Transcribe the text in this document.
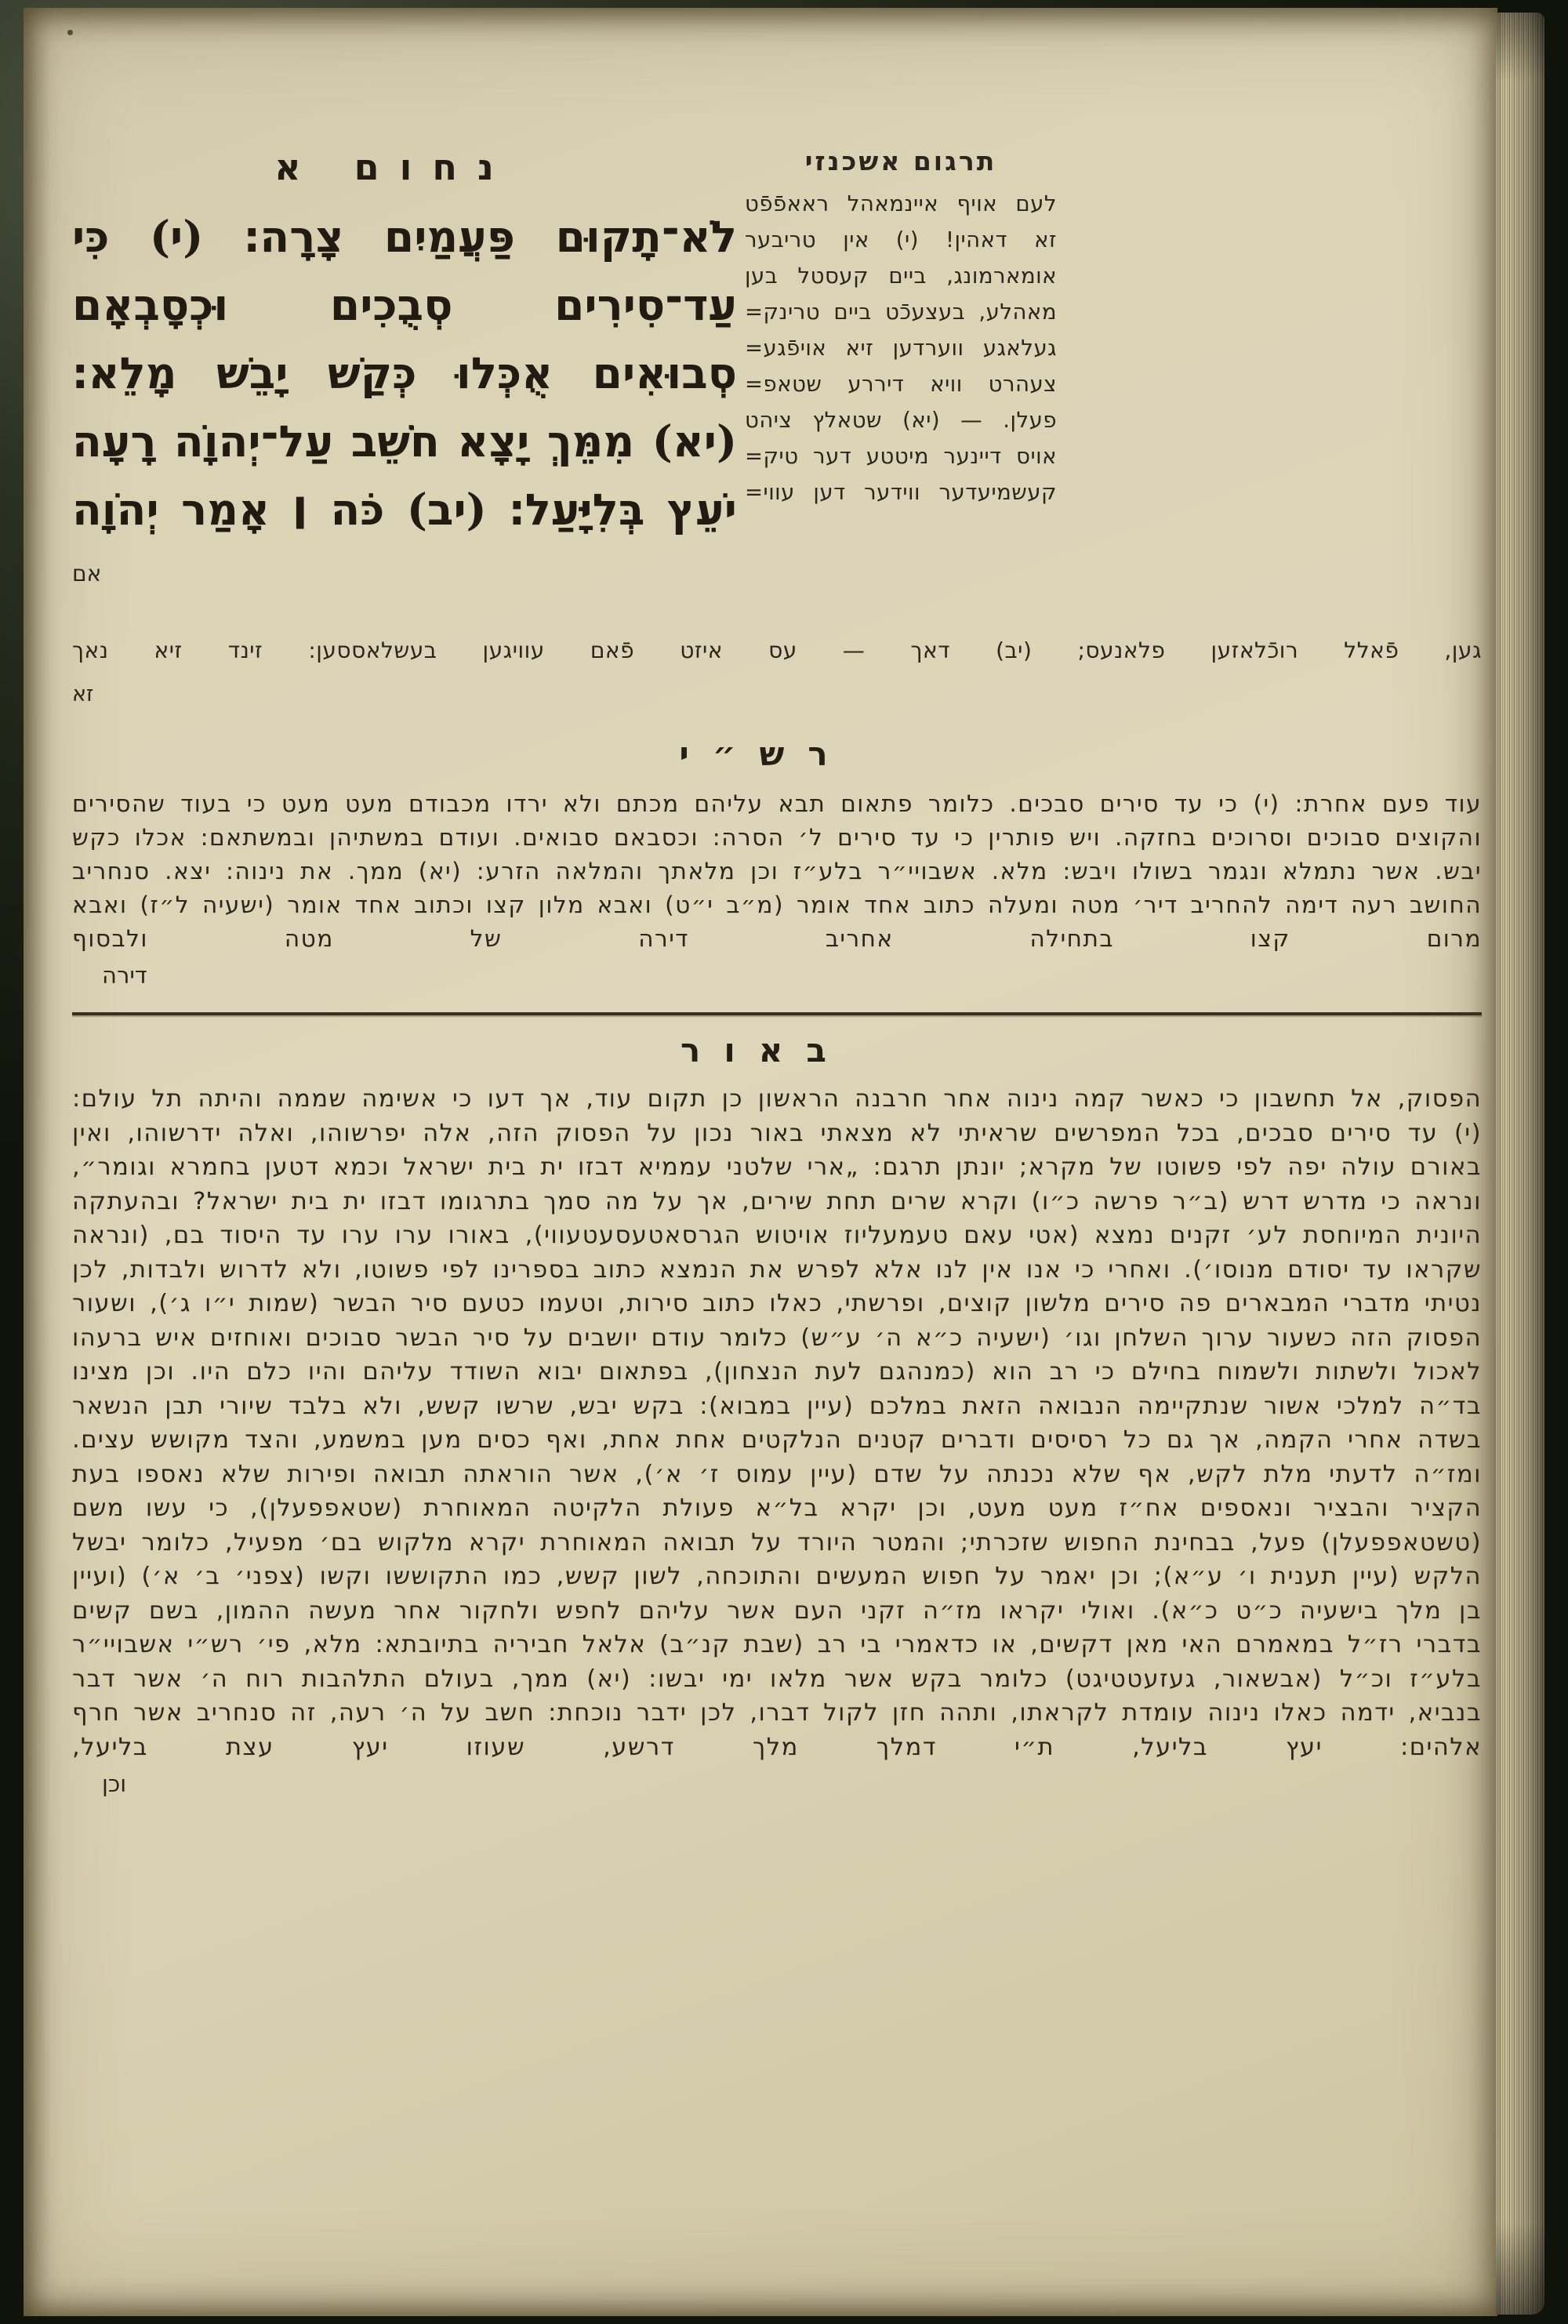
נחום א
לֹא־תָקוּם פַּעֲמַיִם צָרָה׃ (י) כִּי
עַד־סִירִים סְבֻכִים וּכְסָבְאָם
סְבוּאִים אֻכְּלוּ כְּקַשׁ יָבֵשׁ מָלֵא׃
(יא) מִמֵּךְ יָצָא חֹשֵׁב עַל־יְהוָֹה רָעָה
יֹעֵץ בְּלִיָּעַל׃ (יב) כֹּה ׀ אָמַר יְהֹוָה
אם
תרגום אשכנזי
לעם אויף איינמאהל ראאפֿפֿט
זא דאהין! (י) אין טריבער
אומארמונג, ביים קעסטל בען
מאהלע, בעצעכֿט ביים טרינק=
געלאגע ווערדען זיא אויפֿגע=
צעהרט וויא דיררע שטאפ=
פעלן. — (יא) שטאלץ ציהט
אויס דיינער מיטטע דער טיק=
קעשמיעדער ווידער דען עווי=
גען, פֿאלל רוכֿלאזען פלאנעס; (יב) דאך — עס איזט פֿאם עוויגען בעשלאססען: זינד זיא נאך
זא
רש״י

עוד פעם אחרת: (י) כי עד סירים סבכים. כלומר פתאום תבא עליהם מכתם ולא ירדו מכבודם מעט מעט כי בעוד שהסירים והקוצים סבוכים וסרוכים בחזקה. ויש פותרין כי עד סירים ל׳ הסרה: וכסבאם סבואים. ועודם במשתיהן ובמשתאם: אכלו כקש יבש. אשר נתמלא ונגמר בשולו ויבש: מלא. אשבויי״ר בלע״ז וכן מלאתך והמלאה הזרע: (יא) ממך. את נינוה: יצא. סנחריב החושב רעה דימה להחריב דיר׳ מטה ומעלה כתוב אחד אומר (מ״ב י״ט) ואבא מלון קצו וכתוב אחד אומר (ישעיה ל״ז) ואבא מרום קצו בתחילה אחריב דירה של מטה ולבסוף

דירה
באור

הפסוק, אל תחשבון כי כאשר קמה נינוה אחר חרבנה הראשון כן תקום עוד, אך דעו כי אשימה שממה והיתה תל עולם: (י) עד סירים סבכים, בכל המפרשים שראיתי לא מצאתי באור נכון על הפסוק הזה, אלה יפרשוהו, ואלה ידרשוהו, ואין באורם עולה יפה לפי פשוטו של מקרא; יונתן תרגם: „ארי שלטני עממיא דבזו ית בית ישראל וכמא דטען בחמרא וגומר״, ונראה כי מדרש דרש (ב״ר פרשה כ״ו) וקרא שרים תחת שירים, אך על מה סמך בתרגומו דבזו ית בית ישראל? ובהעתקה היונית המיוחסת לע׳ זקנים נמצא (אטי עאם טעמעליוז אויטוש הגרסאטעסעטעווי), באורו ערו ערו עד היסוד בם, (ונראה שקראו עד יסודם מנוסו׳). ואחרי כי אנו אין לנו אלא לפרש את הנמצא כתוב בספרינו לפי פשוטו, ולא לדרוש ולבדות, לכן נטיתי מדברי המבארים פה סירים מלשון קוצים, ופרשתי, כאלו כתוב סירות, וטעמו כטעם סיר הבשר (שמות י״ו ג׳), ושעור הפסוק הזה כשעור ערוך השלחן וגו׳ (ישעיה כ״א ה׳ ע״ש) כלומר עודם יושבים על סיר הבשר סבוכים ואוחזים איש ברעהו לאכול ולשתות ולשמוח בחילם כי רב הוא (כמנהגם לעת הנצחון), בפתאום יבוא השודד עליהם והיו כלם היו. וכן מצינו בד״ה למלכי אשור שנתקיימה הנבואה הזאת במלכם (עיין במבוא): בקש יבש, שרשו קשש, ולא בלבד שיורי תבן הנשאר בשדה אחרי הקמה, אך גם כל רסיסים ודברים קטנים הנלקטים אחת אחת, ואף כסים מען במשמע, והצד מקושש עצים. ומז״ה לדעתי מלת לקש, אף שלא נכנתה על שדם (עיין עמוס ז׳ א׳), אשר הוראתה תבואה ופירות שלא נאספו בעת הקציר והבציר ונאספים אח״ז מעט מעט, וכן יקרא בל״א פעולת הלקיטה המאוחרת (שטאפפעלן), כי עשו משם (טשטאפפעלן) פעל, בבחינת החפוש שזכרתי; והמטר היורד על תבואה המאוחרת יקרא מלקוש בם׳ מפעיל, כלומר יבשל הלקש (עיין תענית ו׳ ע״א); וכן יאמר על חפוש המעשים והתוכחה, לשון קשש, כמו התקוששו וקשו (צפני׳ ב׳ א׳) (ועיין בן מלך בישעיה כ״ט כ״א). ואולי יקראו מז״ה זקני העם אשר עליהם לחפש ולחקור אחר מעשה ההמון, בשם קשים בדברי רז״ל במאמרם האי מאן דקשים, או כדאמרי בי רב (שבת קנ״ב) אלאל חביריה בתיובתא: מלא, פי׳ רש״י אשבויי״ר בלע״ז וכ״ל (אבשאור, געזעטטיגט) כלומר בקש אשר מלאו ימי יבשו: (יא) ממך, בעולם התלהבות רוח ה׳ אשר דבר בנביא, ידמה כאלו נינוה עומדת לקראתו, ותהה חזן לקול דברו, לכן ידבר נוכחת: חשב על ה׳ רעה, זה סנחריב אשר חרף אלהים: יעץ בליעל, ת״י דמלך מלך דרשע, שעוזו יעץ עצת בליעל,

וכן
